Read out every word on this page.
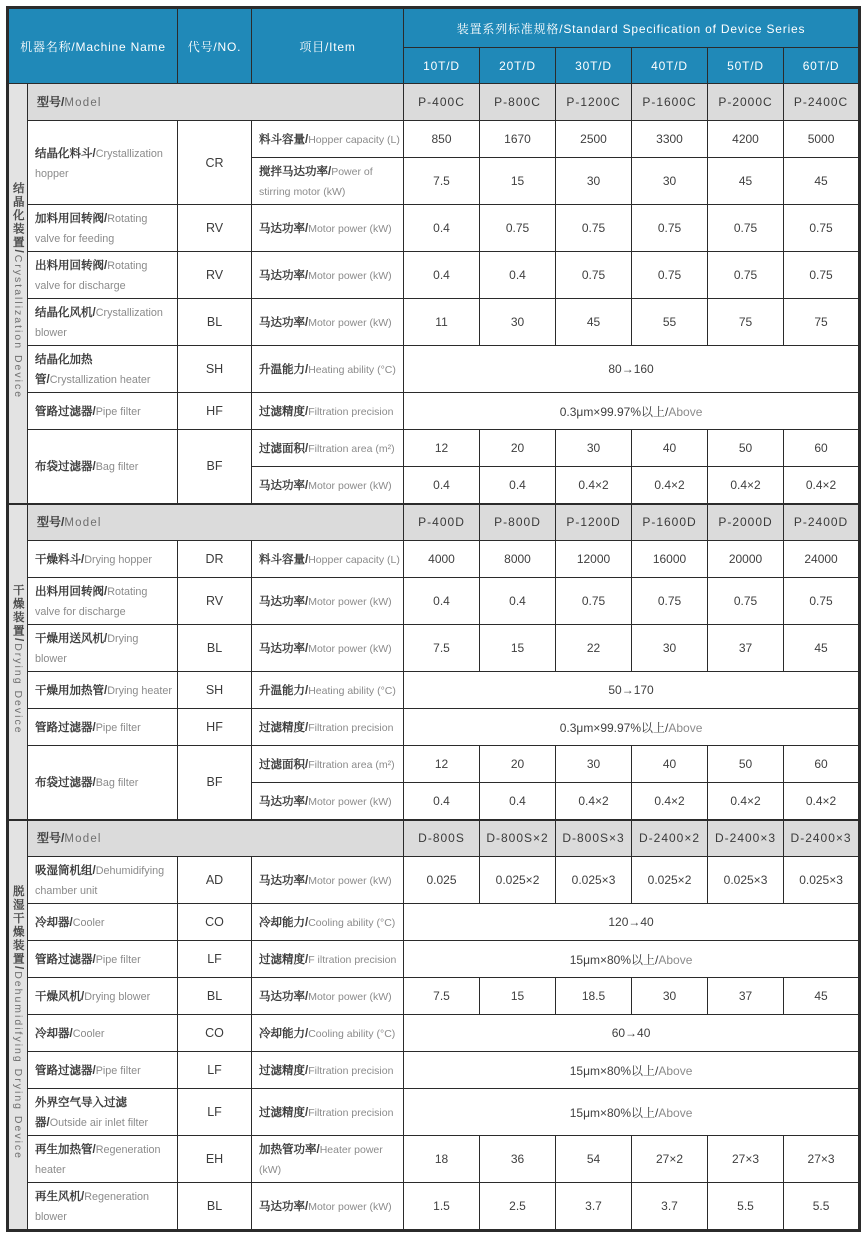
机器名称/Machine Name		代号/NO.	项目/Item	装置系列标准规格/Standard Specification of Device Series					
				10T/D	20T/D	30T/D	40T/D	50T/D	60T/D
结晶化装置/Crystallization Device	型号/Model			P-400C	P-800C	P-1200C	P-1600C	P-2000C	P-2400C
	结晶化料斗/Crystallization hopper	CR	料斗容量/Hopper capacity (L)	850	1670	2500	3300	4200	5000
			搅拌马达功率/Power of stirring motor (kW)	7.5	15	30	30	45	45
	加料用回转阀/Rotating valve for feeding	RV	马达功率/Motor power (kW)	0.4	0.75	0.75	0.75	0.75	0.75
	出料用回转阀/Rotating valve for discharge	RV	马达功率/Motor power (kW)	0.4	0.4	0.75	0.75	0.75	0.75
	结晶化风机/Crystallization blower	BL	马达功率/Motor power (kW)	11	30	45	55	75	75
	结晶化加热管/Crystallization heater	SH	升温能力/Heating ability (°C)	80→160					
	管路过滤器/Pipe filter	HF	过滤精度/Filtration precision	0.3μm×99.97%以上/Above					
	布袋过滤器/Bag filter	BF	过滤面积/Filtration area (m²)	12	20	30	40	50	60
			马达功率/Motor power (kW)	0.4	0.4	0.4×2	0.4×2	0.4×2	0.4×2
干燥装置/Drying Device	型号/Model			P-400D	P-800D	P-1200D	P-1600D	P-2000D	P-2400D
	干燥料斗/Drying hopper	DR	料斗容量/Hopper capacity (L)	4000	8000	12000	16000	20000	24000
	出料用回转阀/Rotating valve for discharge	RV	马达功率/Motor power (kW)	0.4	0.4	0.75	0.75	0.75	0.75
	干燥用送风机/Drying blower	BL	马达功率/Motor power (kW)	7.5	15	22	30	37	45
	干燥用加热管/Drying heater	SH	升温能力/Heating ability (°C)	50→170					
	管路过滤器/Pipe filter	HF	过滤精度/Filtration precision	0.3μm×99.97%以上/Above					
	布袋过滤器/Bag filter	BF	过滤面积/Filtration area (m²)	12	20	30	40	50	60
			马达功率/Motor power (kW)	0.4	0.4	0.4×2	0.4×2	0.4×2	0.4×2
脱湿干燥装置/Dehumidifying Drying Device	型号/Model			D-800S	D-800S×2	D-800S×3	D-2400×2	D-2400×3	D-2400×3
	吸湿筒机组/Dehumidifying chamber unit	AD	马达功率/Motor power (kW)	0.025	0.025×2	0.025×3	0.025×2	0.025×3	0.025×3
	冷却器/Cooler	CO	冷却能力/Cooling ability (°C)	120→40					
	管路过滤器/Pipe filter	LF	过滤精度/F iltration precision	15μm×80%以上/Above					
	干燥风机/Drying blower	BL	马达功率/Motor power (kW)	7.5	15	18.5	30	37	45
	冷却器/Cooler	CO	冷却能力/Cooling ability (°C)	60→40					
	管路过滤器/Pipe filter	LF	过滤精度/Filtration precision	15μm×80%以上/Above					
	外界空气导入过滤器/Outside air inlet filter	LF	过滤精度/Filtration precision	15μm×80%以上/Above					
	再生加热管/Regeneration heater	EH	加热管功率/Heater power (kW)	18	36	54	27×2	27×3	27×3
	再生风机/Regeneration blower	BL	马达功率/Motor power (kW)	1.5	2.5	3.7	3.7	5.5	5.5
